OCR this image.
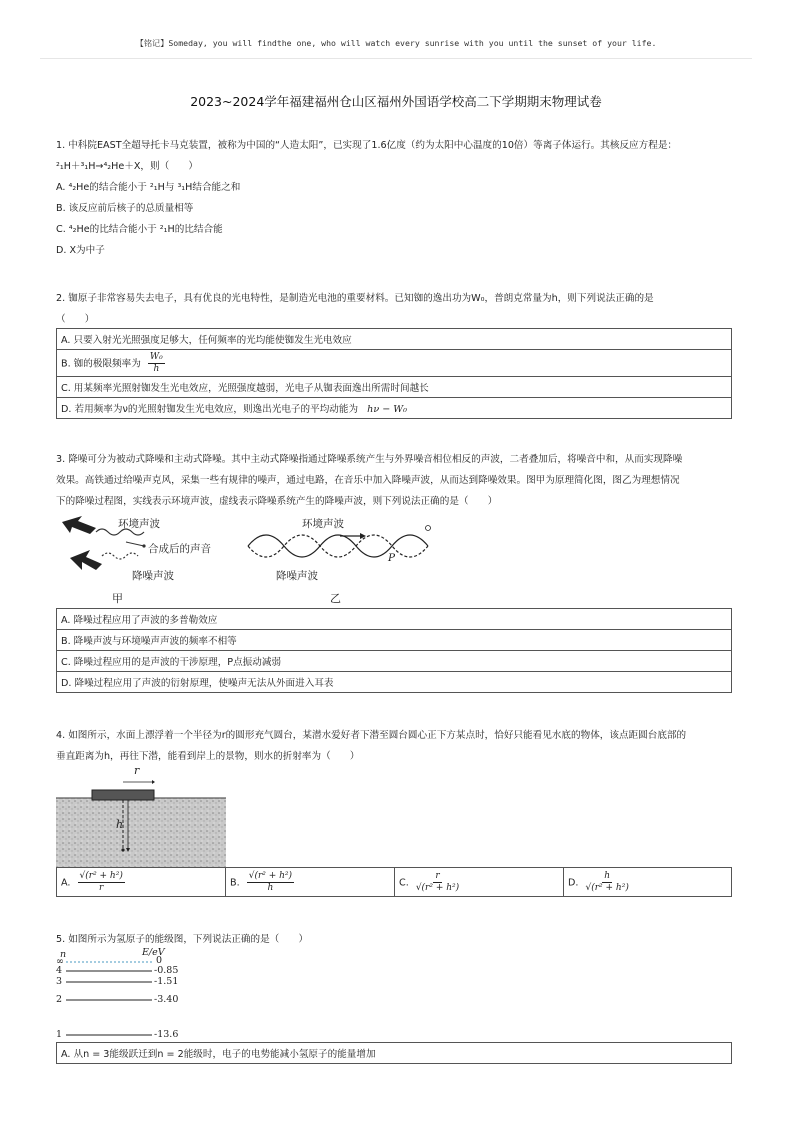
【铭记】Someday, you will findthe one, who will watch every sunrise with you until the sunset of your life.
2023~2024学年福建福州仓山区福州外国语学校高二下学期期末物理试卷
1. 中科院EAST全超导托卡马克装置，被称为中国的“人造太阳”，已实现了1.6亿度（约为太阳中心温度的10倍）等离子体运行。其核反应方程是：
²₁H＋³₁H→⁴₂He＋X，则（　　）
A. ⁴₂He的结合能小于 ²₁H与 ³₁H结合能之和
B. 该反应前后核子的总质量相等
C. ⁴₂He的比结合能小于 ²₁H的比结合能
D. X为中子
2. 铷原子非常容易失去电子，具有优良的光电特性，是制造光电池的重要材料。已知铷的逸出功为W₀，普朗克常量为h，则下列说法正确的是
（　　）
A. 只要入射光光照强度足够大，任何频率的光均能使铷发生光电效应
B. 铷的极限频率为 $\frac{\text{W₀}}{h}$

C. 用某频率光照射铷发生光电效应，光照强度越弱，光电子从铷表面逸出所需时间越长
D. 若用频率为ν的光照射铷发生光电效应，则逸出光电子的平均动能为 hν − W₀
3. 降噪可分为被动式降噪和主动式降噪。其中主动式降噪指通过降噪系统产生与外界噪音相位相反的声波，二者叠加后，将噪音中和，从而实现降噪
效果。高铁通过给噪声克风，采集一些有规律的噪声，通过电路，在音乐中加入降噪声波，从而达到降噪效果。图甲为原理简化图，图乙为理想情况
下的降噪过程图，实线表示环境声波，虚线表示降噪系统产生的降噪声波，则下列说法正确的是（　　）
环境声波
合成后的声音
降噪声波
甲
环境声波
降噪声波
P
乙
A. 降噪过程应用了声波的多普勒效应
B. 降噪声波与环境噪声声波的频率不相等
C. 降噪过程应用的是声波的干涉原理，P点振动减弱
D. 降噪过程应用了声波的衍射原理，使噪声无法从外面进入耳表
4. 如图所示，水面上漂浮着一个半径为r的圆形充气圆台，某潜水爱好者下潜至圆台圆心正下方某点时，恰好只能看见水底的物体，该点距圆台底部的
垂直距离为h，再往下潜，能看到岸上的景物，则水的折射率为（　　）
r
h
A. $\frac{\text{√(r² + h²)}}{r}$	B. $\frac{\text{√(r² + h²)}}{h}$	C. $\frac{r}{\text{√(r² + h²)}}$	D. $\frac{h}{\text{√(r² + h²)}}$
5. 如图所示为氢原子的能级图，下列说法正确的是（　　）
n	E/eV
∞	0
4	-0.85
3	-1.51
2	-3.40
1	-13.6
A. 从n = 3能级跃迁到n = 2能级时，电子的电势能减小氢原子的能量增加
